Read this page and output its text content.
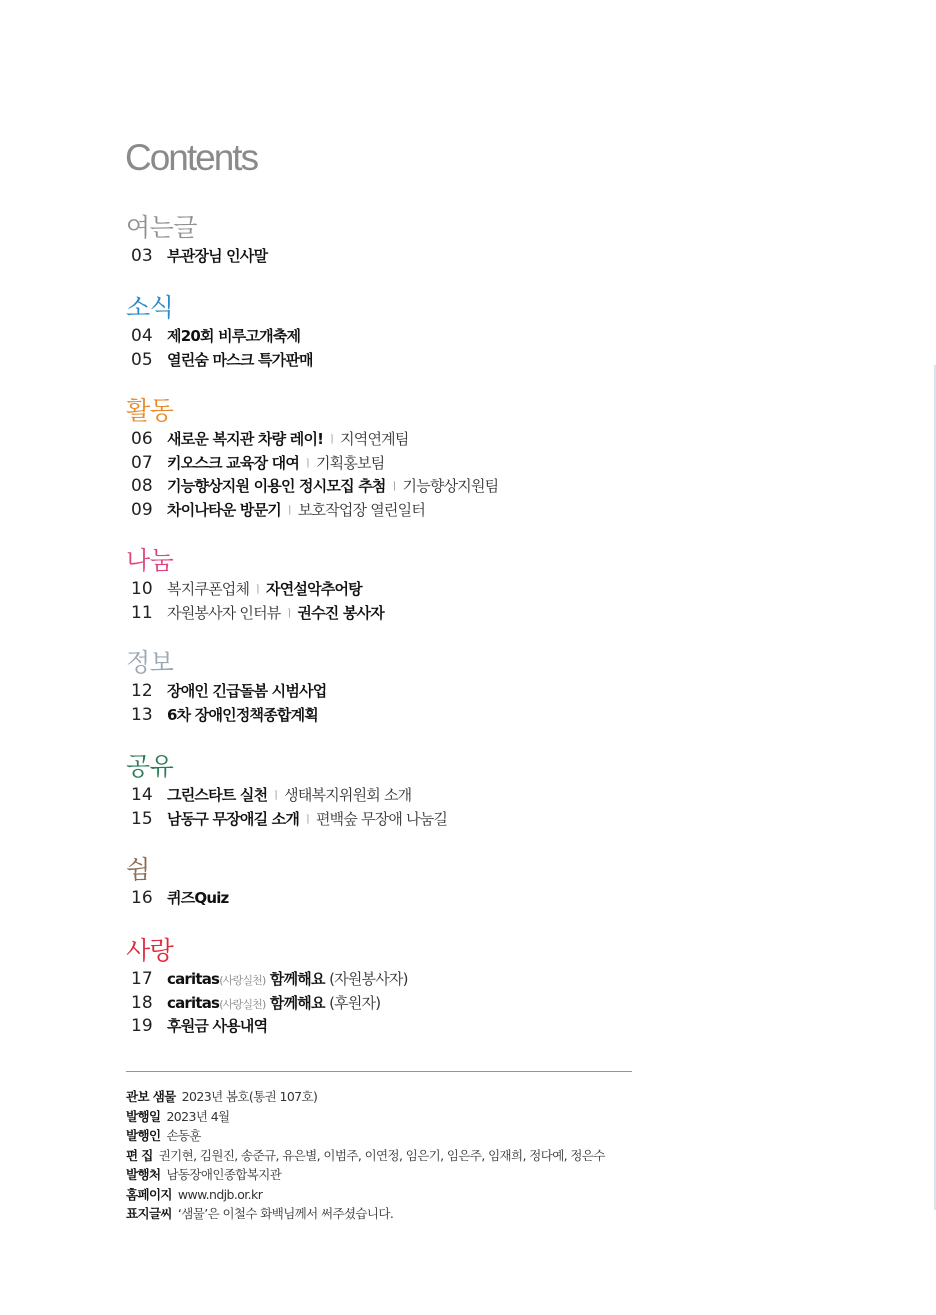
Contents
여는글
03 부관장님 인사말
소식
04 제20회 비루고개축제
05 열린숨 마스크 특가판매
활동
06 새로운 복지관 차량 레이! ㅣ 지역연계팀
07 키오스크 교육장 대여 ㅣ 기획홍보팀
08 기능향상지원 이용인 정시모집 추첨 ㅣ 기능향상지원팀
09 차이나타운 방문기 ㅣ 보호작업장 열린일터
나눔
10 복지쿠폰업체 ㅣ 자연설악추어탕
11 자원봉사자 인터뷰 ㅣ 권수진 봉사자
정보
12 장애인 긴급돌봄 시범사업
13 6차 장애인정책종합계획
공유
14 그린스타트 실천 ㅣ 생태복지위원회 소개
15 남동구 무장애길 소개 ㅣ 편백숲 무장애 나눔길
쉼
16 퀴즈Quiz
사랑
17 caritas(사랑실천) 함께해요 (자원봉사자)
18 caritas(사랑실천) 함께해요 (후원자)
19 후원금 사용내역
관보 샘물 2023년 봄호(통권 107호)
발행일 2023년 4월
발행인 손동훈
편 집 권기현, 김원진, 송준규, 유은별, 이범주, 이연정, 임은기, 임은주, 임재희, 정다예, 정은수
발행처 남동장애인종합복지관
홈페이지 www.ndjb.or.kr
표지글씨 ‘샘물’은 이철수 화백님께서 써주셨습니다.
